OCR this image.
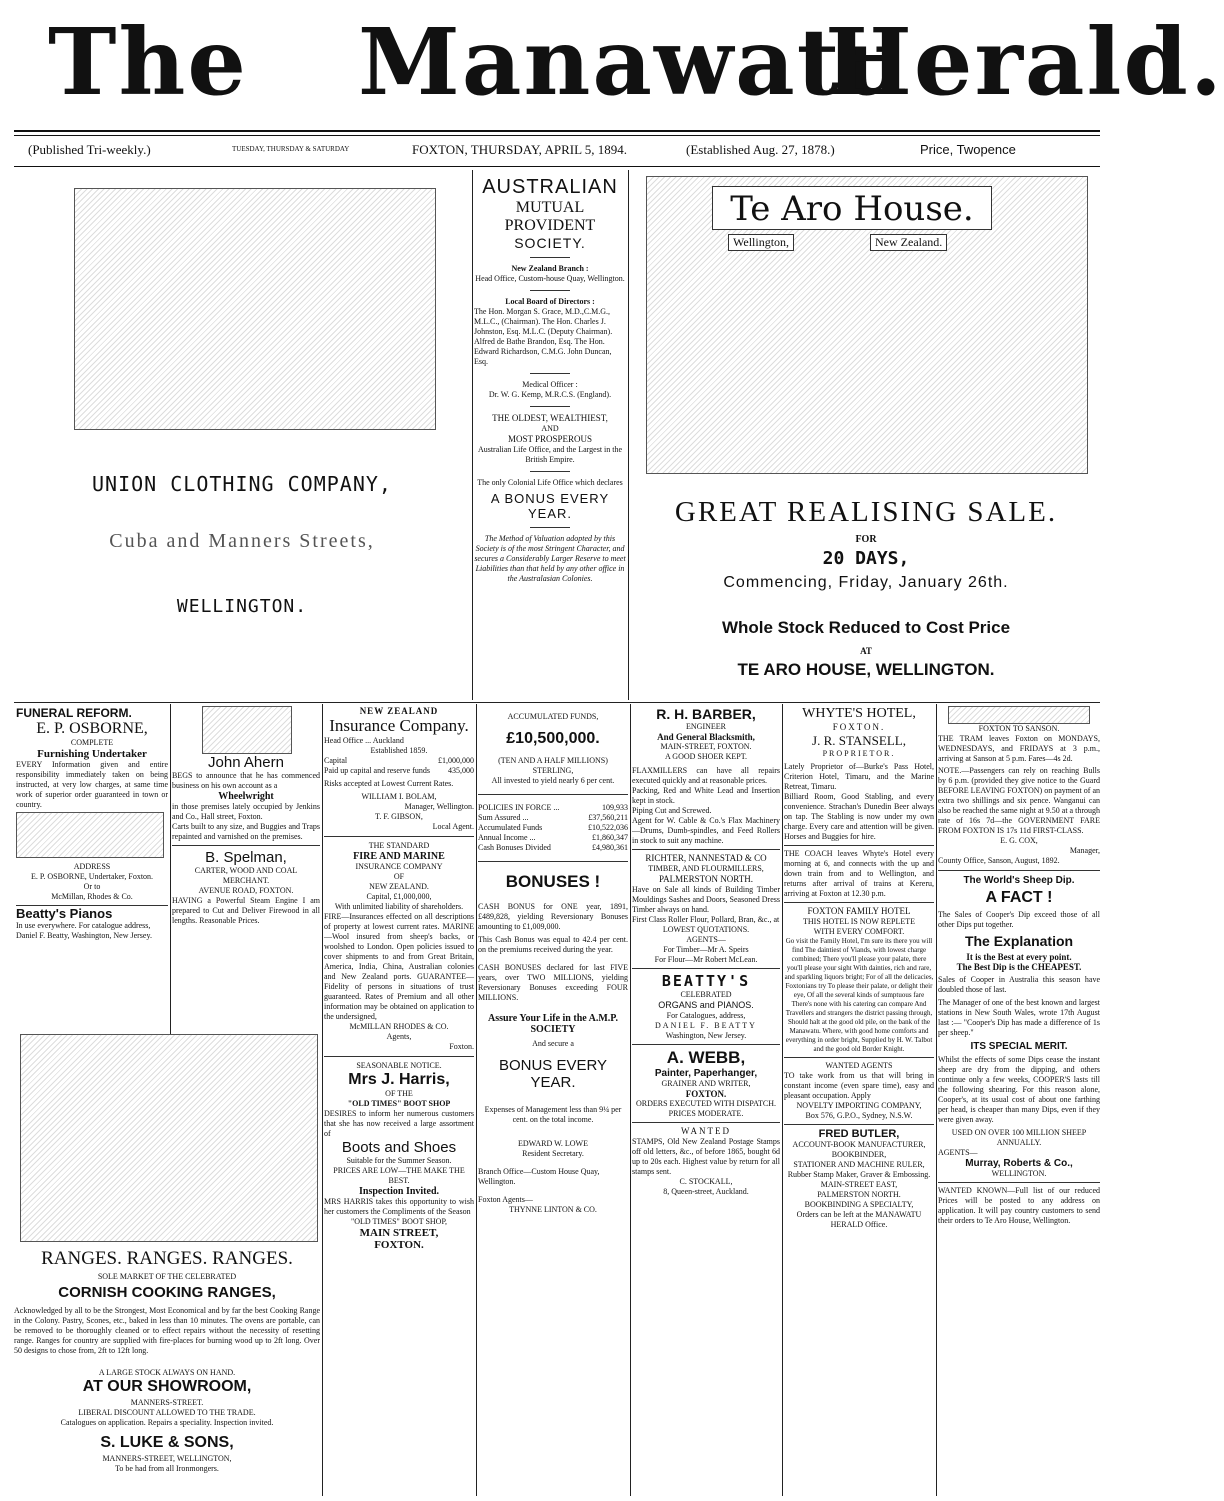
The Manawatu
Herald.
(Published Tri-weekly.)	TUESDAY, THURSDAY & SATURDAY	FOXTON, THURSDAY, APRIL 5, 1894.	(Established Aug. 27, 1878.)	Price, Twopence
UNION CLOTHING COMPANY,
Cuba and Manners Streets,
WELLINGTON.
AUSTRALIAN
MUTUAL PROVIDENT
SOCIETY.
New Zealand Branch :
Head Office, Custom-house Quay, Wellington.
Local Board of Directors :
The Hon. Morgan S. Grace, M.D.,C.M.G., M.L.C., (Chairman). The Hon. Charles J. Johnston, Esq. M.L.C. (Deputy Chairman). Alfred de Bathe Brandon, Esq. The Hon. Edward Richardson, C.M.G. John Duncan, Esq.
Medical Officer :
Dr. W. G. Kemp, M.R.C.S. (England).
THE OLDEST, WEALTHIEST,
AND
MOST PROSPEROUS
Australian Life Office, and the Largest in the British Empire.
The only Colonial Life Office which declares
A BONUS EVERY
YEAR.
The Method of Valuation adopted by this Society is of the most Stringent Character, and secures a Considerably Larger Reserve to meet Liabilities than that held by any other office in the Australasian Colonies.
Te Aro House.
Wellington,	New Zealand.
GREAT REALISING SALE.
FOR
20 DAYS,
Commencing, Friday, January 26th.
Whole Stock Reduced to Cost Price
AT
TE ARO HOUSE, WELLINGTON.
FUNERAL REFORM.
E. P. OSBORNE,
COMPLETE
Furnishing Undertaker
EVERY Information given and entire responsibility immediately taken on being instructed, at very low charges, at same time work of superior order guaranteed in town or country.
ADDRESS
E. P. OSBORNE, Undertaker, Foxton.
Or to
McMillan, Rhodes & Co.
Beatty's Pianos
In use everywhere. For catalogue address, Daniel F. Beatty, Washington, New Jersey.
John Ahern
BEGS to announce that he has commenced business on his own account as a
Wheelwright
in those premises lately occupied by Jenkins and Co., Hall street, Foxton.
Carts built to any size, and Buggies and Traps repainted and varnished on the premises.
B. Spelman,
CARTER, WOOD AND COAL MERCHANT.
AVENUE ROAD, FOXTON.
HAVING a Powerful Steam Engine I am prepared to Cut and Deliver Firewood in all lengths. Reasonable Prices.
RANGES. RANGES. RANGES.
SOLE MARKET OF THE CELEBRATED
CORNISH COOKING RANGES,
Acknowledged by all to be the Strongest, Most Economical and by far the best Cooking Range in the Colony. Pastry, Scones, etc., baked in less than 10 minutes. The ovens are portable, can be removed to be thoroughly cleaned or to effect repairs without the necessity of resetting range. Ranges for country are supplied with fire-places for burning wood up to 2ft long. Over 50 designs to chose from, 2ft to 12ft long.
A LARGE STOCK ALWAYS ON HAND.
AT OUR SHOWROOM,
MANNERS-STREET.
LIBERAL DISCOUNT ALLOWED TO THE TRADE.
Catalogues on application. Repairs a speciality. Inspection invited.
S. LUKE & SONS,
MANNERS-STREET, WELLINGTON,
To be had from all Ironmongers.
NEW ZEALAND
Insurance Company.
Head Office ... Auckland
Established 1859.
Capital	£1,000,000
Paid up capital and reserve funds 435,000
Risks accepted at Lowest Current Rates.
WILLIAM I. BOLAM,
Manager, Wellington.
T. F. GIBSON,
Local Agent.
THE STANDARD
FIRE AND MARINE
INSURANCE COMPANY
OF
NEW ZEALAND.
Capital, £1,000,000,
With unlimited liability of shareholders.
FIRE—Insurances effected on all descriptions of property at lowest current rates. MARINE—Wool insured from sheep's backs, or woolshed to London. Open policies issued to cover shipments to and from Great Britain, America, India, China, Australian colonies and New Zealand ports. GUARANTEE—Fidelity of persons in situations of trust guaranteed. Rates of Premium and all other information may be obtained on application to the undersigned,
McMILLAN RHODES & CO.
Agents,
Foxton.
SEASONABLE NOTICE.
Mrs J. Harris,
OF THE
"OLD TIMES" BOOT SHOP
DESIRES to inform her numerous customers that she has now received a large assortment of
Boots and Shoes
Suitable for the Summer Season.
PRICES ARE LOW—THE MAKE THE BEST.
Inspection Invited.
MRS HARRIS takes this opportunity to wish her customers the Compliments of the Season
"OLD TIMES" BOOT SHOP,
MAIN STREET,
FOXTON.
ACCUMULATED FUNDS,
£10,500,000.
(TEN AND A HALF MILLIONS)
STERLING,
All invested to yield nearly 6 per cent.
POLICIES IN FORCE ...	109,933
Sum Assured ...	£37,560,211
Accumulated Funds	£10,522,036
Annual Income ...	£1,860,347
Cash Bonuses Divided	£4,980,361
BONUSES !
CASH BONUS for ONE year, 1891, £489,828, yielding Reversionary Bonuses amounting to £1,009,000.
This Cash Bonus was equal to 42.4 per cent. on the premiums received during the year.
CASH BONUSES declared for last FIVE years, over TWO MILLIONS, yielding Reversionary Bonuses exceeding FOUR MILLIONS.
Assure Your Life in the A.M.P. SOCIETY
And secure a
BONUS EVERY YEAR.
Expenses of Management less than 9¼ per cent. on the total income.
EDWARD W. LOWE
Resident Secretary.
Branch Office—Custom House Quay, Wellington.
Foxton Agents—
THYNNE LINTON & CO.
R. H. BARBER,
ENGINEER
And General Blacksmith,
MAIN-STREET, FOXTON.
A GOOD SHOER KEPT.
FLAXMILLERS can have all repairs executed quickly and at reasonable prices.
Packing, Red and White Lead and Insertion kept in stock.
Piping Cut and Screwed.
Agent for W. Cable & Co.'s Flax Machinery—Drums, Dumb-spindles, and Feed Rollers in stock to suit any machine.
RICHTER, NANNESTAD & CO
TIMBER, AND FLOURMILLERS,
PALMERSTON NORTH.
Have on Sale all kinds of Building Timber Mouldings Sashes and Doors, Seasoned Dress Timber always on hand.
First Class Roller Flour, Pollard, Bran, &c., at
LOWEST QUOTATIONS.
AGENTS—
For Timber—Mr A. Speirs
For Flour—Mr Robert McLean.
BEATTY'S
CELEBRATED
ORGANS and PIANOS.
For Catalogues, address,
DANIEL F. BEATTY
Washington, New Jersey.
A. WEBB,
Painter, Paperhanger,
GRAINER AND WRITER,
FOXTON.
ORDERS EXECUTED WITH DISPATCH.
PRICES MODERATE.
WANTED
STAMPS, Old New Zealand Postage Stamps off old letters, &c., of before 1865, bought 6d up to 20s each. Highest value by return for all stamps sent.
C. STOCKALL,
8, Queen-street, Auckland.
WHYTE'S HOTEL,
FOXTON.
J. R. STANSELL,
PROPRIETOR.
Lately Proprietor of—Burke's Pass Hotel, Criterion Hotel, Timaru, and the Marine Retreat, Timaru.
Billiard Room, Good Stabling, and every convenience. Strachan's Dunedin Beer always on tap. The Stabling is now under my own charge. Every care and attention will be given. Horses and Buggies for hire.
THE COACH leaves Whyte's Hotel every morning at 6, and connects with the up and down train from and to Wellington, and returns after arrival of trains at Kereru, arriving at Foxton at 12.30 p.m.
FOXTON FAMILY HOTEL
THIS HOTEL IS NOW REPLETE
WITH EVERY COMFORT.
Go visit the Family Hotel, I'm sure its there you will find The daintiest of Viands, with lowest charge combined; There you'll please your palate, there you'll please your sight With dainties, rich and rare, and sparkling liquors bright; For of all the delicacies, Foxtonians try To please their palate, or delight their eye, Of all the several kinds of sumptuous fare There's none with his catering can compare And Travellers and strangers the district passing through, Should halt at the good old pile, on the bank of the Manawatu. Where, with good home comforts and everything in order bright, Supplied by H. W. Talbot and the good old Border Knight.
WANTED AGENTS
TO take work from us that will bring in constant income (even spare time), easy and pleasant occupation. Apply
NOVELTY IMPORTING COMPANY,
Box 576, G.P.O., Sydney, N.S.W.
FRED BUTLER,
ACCOUNT-BOOK MANUFACTURER,
BOOKBINDER,
STATIONER AND MACHINE RULER,
Rubber Stamp Maker, Graver & Embossing.
MAIN-STREET EAST,
PALMERSTON NORTH.
BOOKBINDING A SPECIALTY,
Orders can be left at the MANAWATU HERALD Office.
FOXTON TO SANSON.
THE TRAM leaves Foxton on MONDAYS, WEDNESDAYS, and FRIDAYS at 3 p.m., arriving at Sanson at 5 p.m. Fares—4s 2d.
NOTE.—Passengers can rely on reaching Bulls by 6 p.m. (provided they give notice to the Guard BEFORE LEAVING FOXTON) on payment of an extra two shillings and six pence. Wanganui can also be reached the same night at 9.50 at a through rate of 16s 7d—the GOVERNMENT FARE FROM FOXTON IS 17s 11d FIRST-CLASS.
E. G. COX,
Manager,
County Office, Sanson, August, 1892.
The World's Sheep Dip.
A FACT !
The Sales of Cooper's Dip exceed those of all other Dips put together.
The Explanation
It is the Best at every point.
The Best Dip is the CHEAPEST.
Sales of Cooper in Australia this season have doubled those of last.
The Manager of one of the best known and largest stations in New South Wales, wrote 17th August last :— "Cooper's Dip has made a difference of 1s per sheep."
ITS SPECIAL MERIT.
Whilst the effects of some Dips cease the instant sheep are dry from the dipping, and others continue only a few weeks, COOPER'S lasts till the following shearing. For this reason alone, Cooper's, at its usual cost of about one farthing per head, is cheaper than many Dips, even if they were given away.
USED ON OVER 100 MILLION SHEEP ANNUALLY.
AGENTS—
Murray, Roberts & Co.,
WELLINGTON.
WANTED KNOWN—Full list of our reduced Prices will be posted to any address on application. It will pay country customers to send their orders to Te Aro House, Wellington.
